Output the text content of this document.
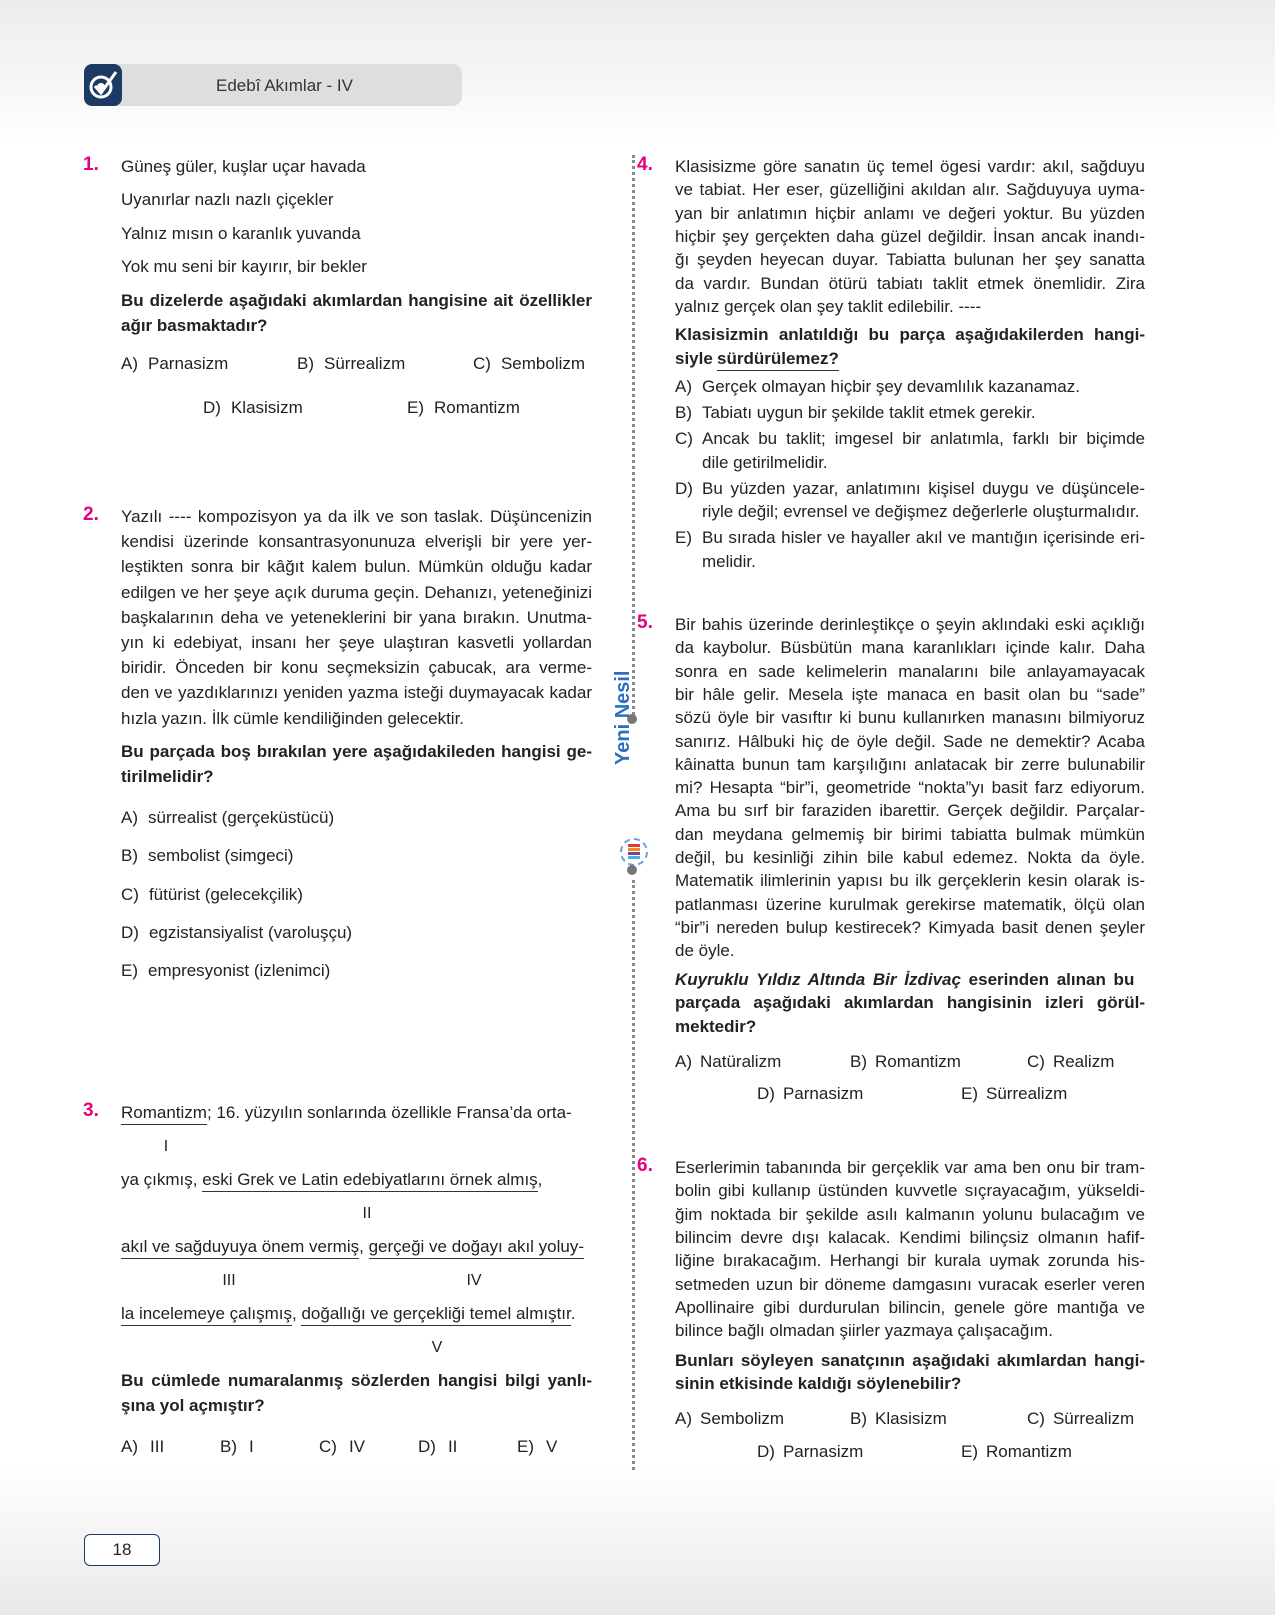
Edebî Akımlar - IV
1. Güneş güler, kuşlar uçar havada
Uyanırlar nazlı nazlı çiçekler
Yalnız mısın o karanlık yuvanda
Yok mu seni bir kayırır, bir bekler
Bu dizelerde aşağıdaki akımlardan hangisine ait özellikler
ağır basmaktadır?
A) Parnasizm	B) Sürrealizm	C) Sembolizm
D) Klasisizm	E) Romantizm
2. Yazılı ---- kompozisyon ya da ilk ve son taslak. Düşüncenizin
kendisi üzerinde konsantrasyonunuza elverişli bir yere yer-
leştikten sonra bir kâğıt kalem bulun. Mümkün olduğu kadar
edilgen ve her şeye açık duruma geçin. Dehanızı, yeteneğinizi
başkalarının deha ve yeteneklerini bir yana bırakın. Unutma-
yın ki edebiyat, insanı her şeye ulaştıran kasvetli yollardan
biridir. Önceden bir konu seçmeksizin çabucak, ara verme-
den ve yazdıklarınızı yeniden yazma isteği duymayacak kadar
hızla yazın. İlk cümle kendiliğinden gelecektir.
Bu parçada boş bırakılan yere aşağıdakileden hangisi ge-
tirilmelidir?
A) sürrealist (gerçeküstücü)
B) sembolist (simgeci)
C) fütürist (gelecekçilik)
D) egzistansiyalist (varoluşçu)
E) empresyonist (izlenimci)
3. Romantizm; 16. yüzyılın sonlarında özellikle Fransa’da orta-
ya çıkmış, eski Grek ve Latin edebiyatlarını örnek almış,
akıl ve sağduyuya önem vermiş, gerçeği ve doğayı akıl yoluy-
la incelemeye çalışmış, doğallığı ve gerçekliği temel almıştır.
I
II
III	IV
V
Bu cümlede numaralanmış sözlerden hangisi bilgi yanlı-
şına yol açmıştır?
A) III	B) I	C) IV	D) II	E) V
4. Klasisizme göre sanatın üç temel ögesi vardır: akıl, sağduyu
ve tabiat. Her eser, güzelliğini akıldan alır. Sağduyuya uyma-
yan bir anlatımın hiçbir anlamı ve değeri yoktur. Bu yüzden
hiçbir şey gerçekten daha güzel değildir. İnsan ancak inandı-
ğı şeyden heyecan duyar. Tabiatta bulunan her şey sanatta
da vardır. Bundan ötürü tabiatı taklit etmek önemlidir. Zira
yalnız gerçek olan şey taklit edilebilir. ----
Klasisizmin anlatıldığı bu parça aşağıdakilerden hangi-
siyle sürdürülemez?
A) Gerçek olmayan hiçbir şey devamlılık kazanamaz.
B) Tabiatı uygun bir şekilde taklit etmek gerekir.
C) Ancak bu taklit; imgesel bir anlatımla, farklı bir biçimde
dile getirilmelidir.
D) Bu yüzden yazar, anlatımını kişisel duygu ve düşüncele-
riyle değil; evrensel ve değişmez değerlerle oluşturmalıdır.
E) Bu sırada hisler ve hayaller akıl ve mantığın içerisinde eri-
melidir.
5. Bir bahis üzerinde derinleştikçe o şeyin aklındaki eski açıklığı
da kaybolur. Büsbütün mana karanlıkları içinde kalır. Daha
sonra en sade kelimelerin manalarını bile anlayamayacak
bir hâle gelir. Mesela işte manaca en basit olan bu “sade”
sözü öyle bir vasıftır ki bunu kullanırken manasını bilmiyoruz
sanırız. Hâlbuki hiç de öyle değil. Sade ne demektir? Acaba
kâinatta bunun tam karşılığını anlatacak bir zerre bulunabilir
mi? Hesapta “bir”i, geometride “nokta”yı basit farz ediyorum.
Ama bu sırf bir faraziden ibarettir. Gerçek değildir. Parçalar-
dan meydana gelmemiş bir birimi tabiatta bulmak mümkün
değil, bu kesinliği zihin bile kabul edemez. Nokta da öyle.
Matematik ilimlerinin yapısı bu ilk gerçeklerin kesin olarak is-
patlanması üzerine kurulmak gerekirse matematik, ölçü olan
“bir”i nereden bulup kestirecek? Kimyada basit denen şeyler
de öyle.
Kuyruklu Yıldız Altında Bir İzdivaç eserinden alınan bu
parçada aşağıdaki akımlardan hangisinin izleri görül-
mektedir?
A) Natüralizm	B) Romantizm	C) Realizm
D) Parnasizm	E) Sürrealizm
6. Eserlerimin tabanında bir gerçeklik var ama ben onu bir tram-
bolin gibi kullanıp üstünden kuvvetle sıçrayacağım, yükseldi-
ğim noktada bir şekilde asılı kalmanın yolunu bulacağım ve
bilincim devre dışı kalacak. Kendimi bilinçsiz olmanın hafif-
liğine bırakacağım. Herhangi bir kurala uymak zorunda his-
setmeden uzun bir döneme damgasını vuracak eserler veren
Apollinaire gibi durdurulan bilincin, genele göre mantığa ve
bilince bağlı olmadan şiirler yazmaya çalışacağım.
Bunları söyleyen sanatçının aşağıdaki akımlardan hangi-
sinin etkisinde kaldığı söylenebilir?
A) Sembolizm	B) Klasisizm	C) Sürrealizm
D) Parnasizm	E) Romantizm
Yeni Nesil
18
